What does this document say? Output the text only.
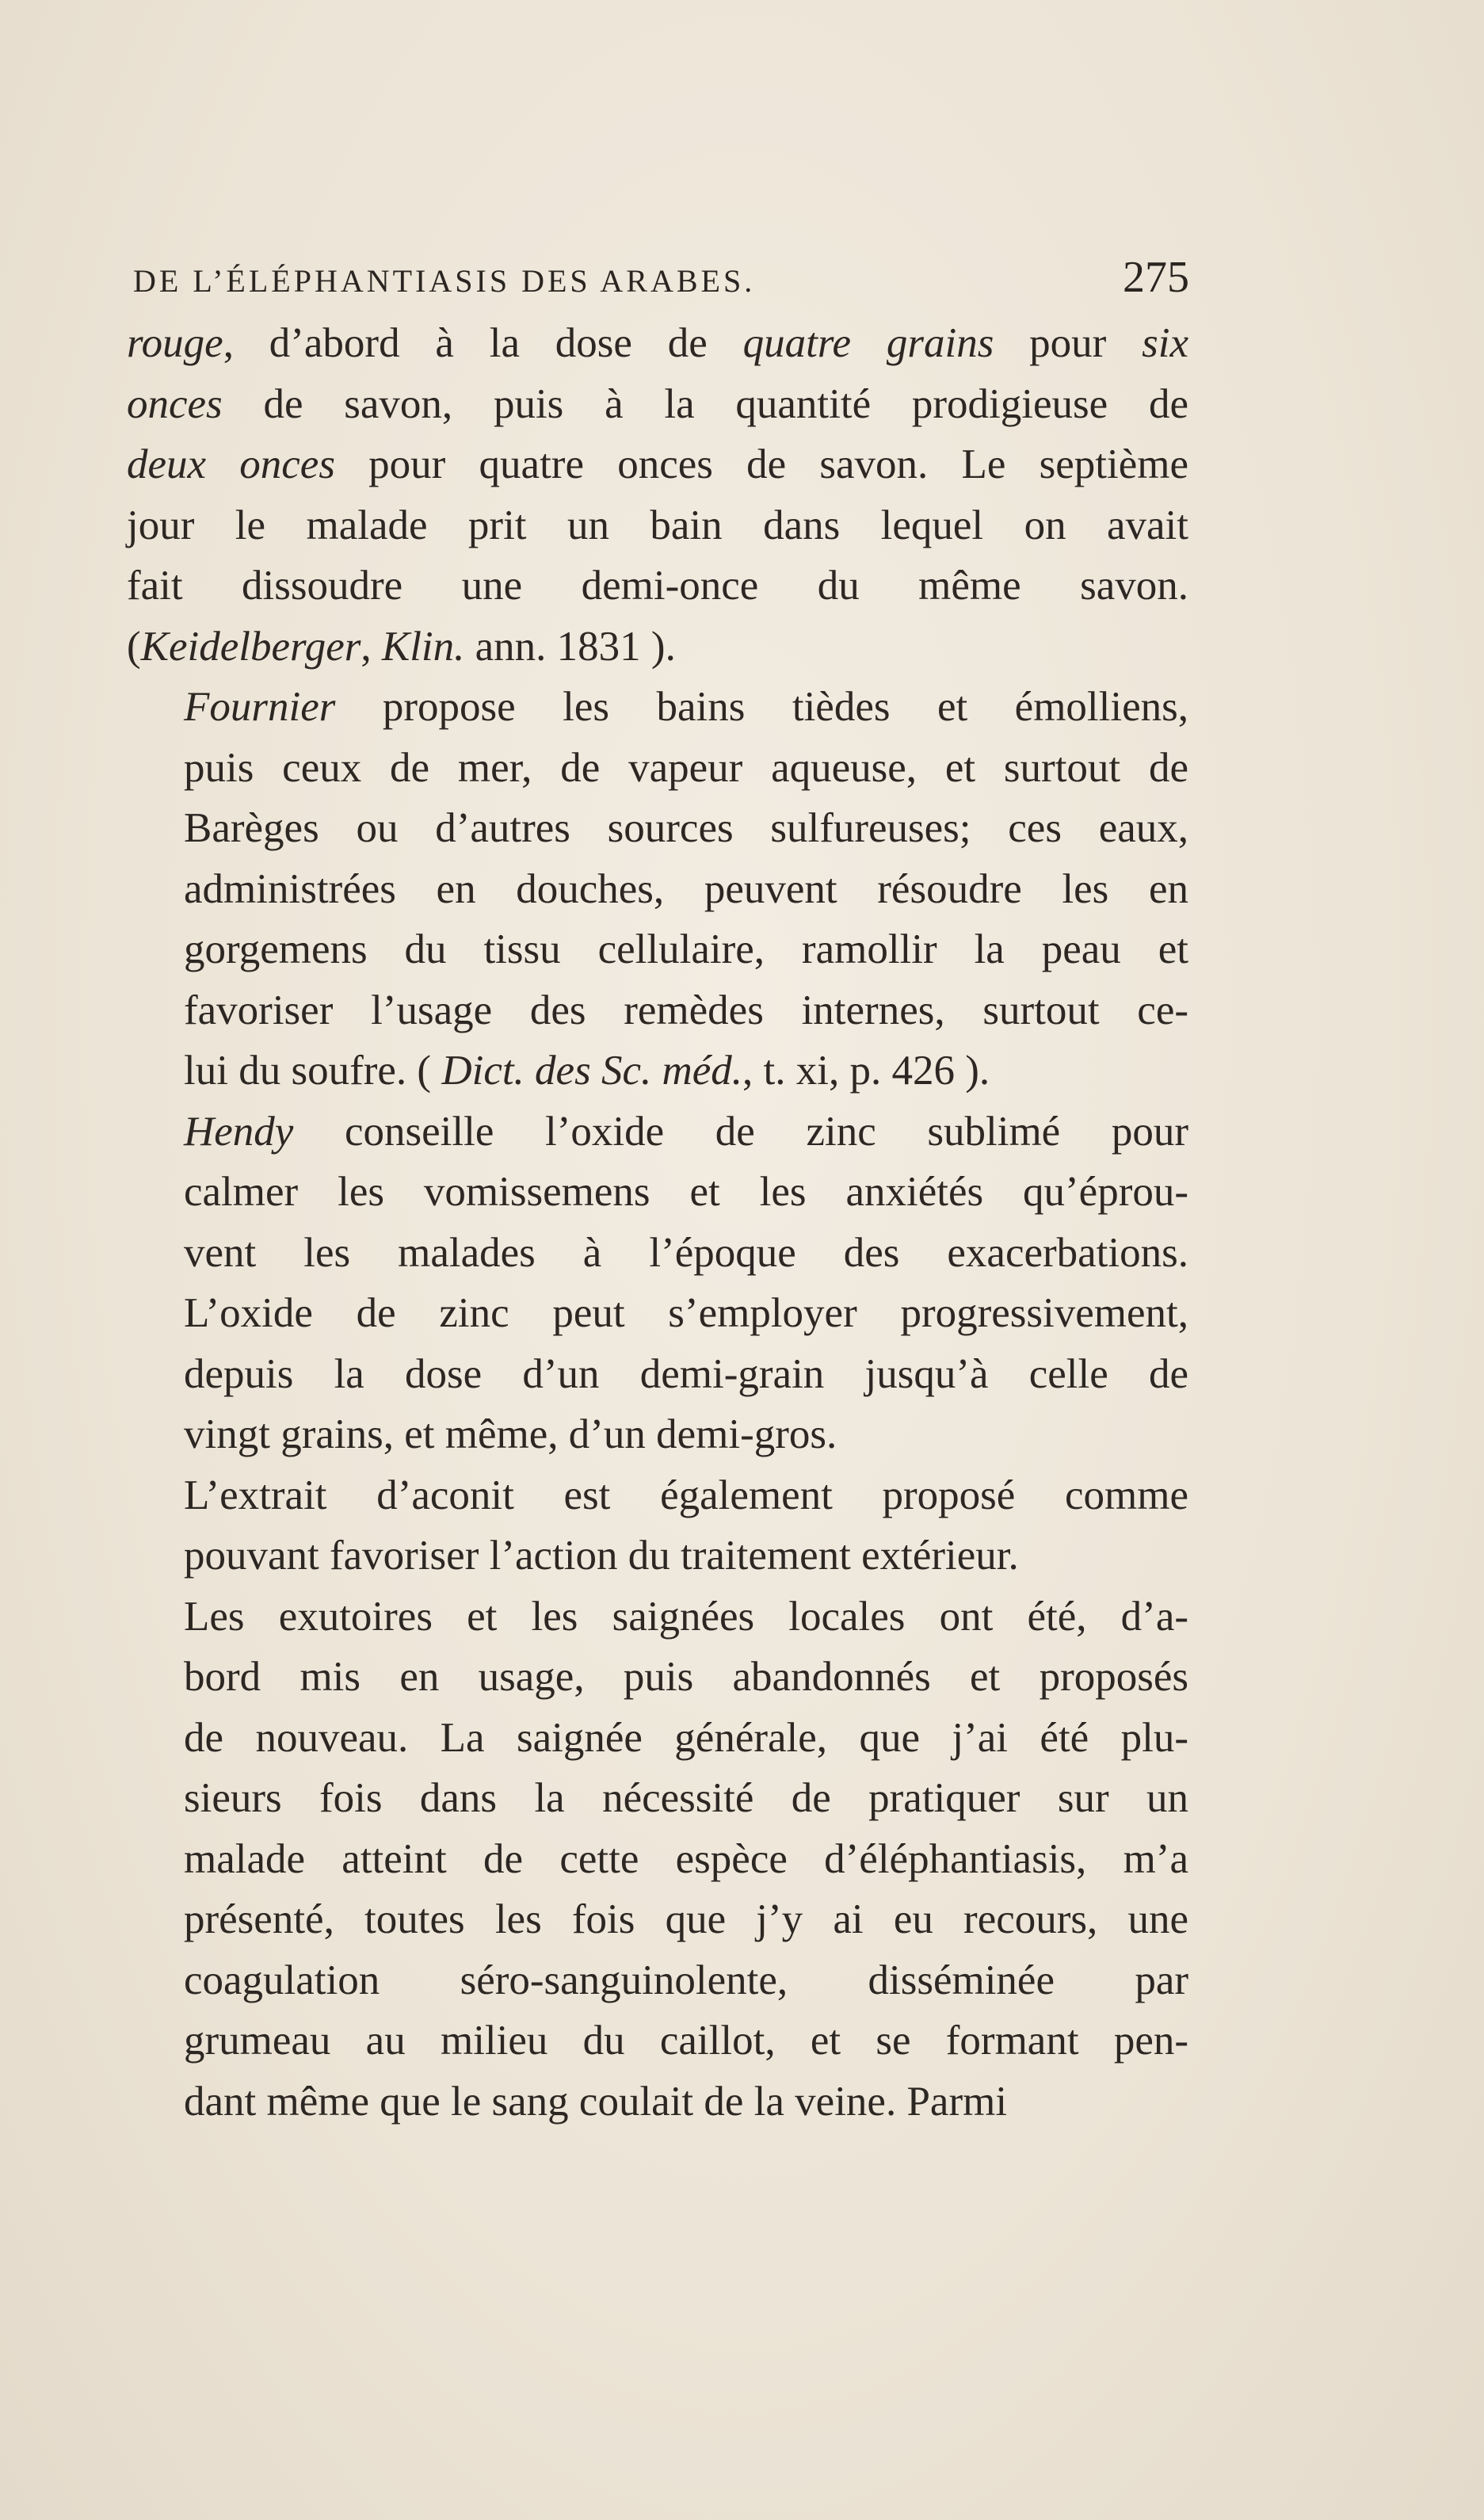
DE L’ÉLÉPHANTIASIS DES ARABES.	275

rouge, d’abord à la dose de quatre grains pour six
onces de savon, puis à la quantité prodigieuse de
deux onces pour quatre onces de savon. Le septième
jour le malade prit un bain dans lequel on avait
fait dissoudre une demi-once du même savon.
(Keidelberger, Klin. ann. 1831 ).

Fournier propose les bains tièdes et émolliens,
puis ceux de mer, de vapeur aqueuse, et surtout de
Barèges ou d’autres sources sulfureuses; ces eaux,
administrées en douches, peuvent résoudre les en
gorgemens du tissu cellulaire, ramollir la peau et
favoriser l’usage des remèdes internes, surtout ce-
lui du soufre. ( Dict. des Sc. méd., t. xi, p. 426 ).

Hendy conseille l’oxide de zinc sublimé pour
calmer les vomissemens et les anxiétés qu’éprou-
vent les malades à l’époque des exacerbations.
L’oxide de zinc peut s’employer progressivement,
depuis la dose d’un demi-grain jusqu’à celle de
vingt grains, et même, d’un demi-gros.

L’extrait d’aconit est également proposé comme
pouvant favoriser l’action du traitement extérieur.

Les exutoires et les saignées locales ont été, d’a-
bord mis en usage, puis abandonnés et proposés
de nouveau. La saignée générale, que j’ai été plu-
sieurs fois dans la nécessité de pratiquer sur un
malade atteint de cette espèce d’éléphantiasis, m’a
présenté, toutes les fois que j’y ai eu recours, une
coagulation séro-sanguinolente, disséminée par
grumeau au milieu du caillot, et se formant pen-
dant même que le sang coulait de la veine. Parmi
